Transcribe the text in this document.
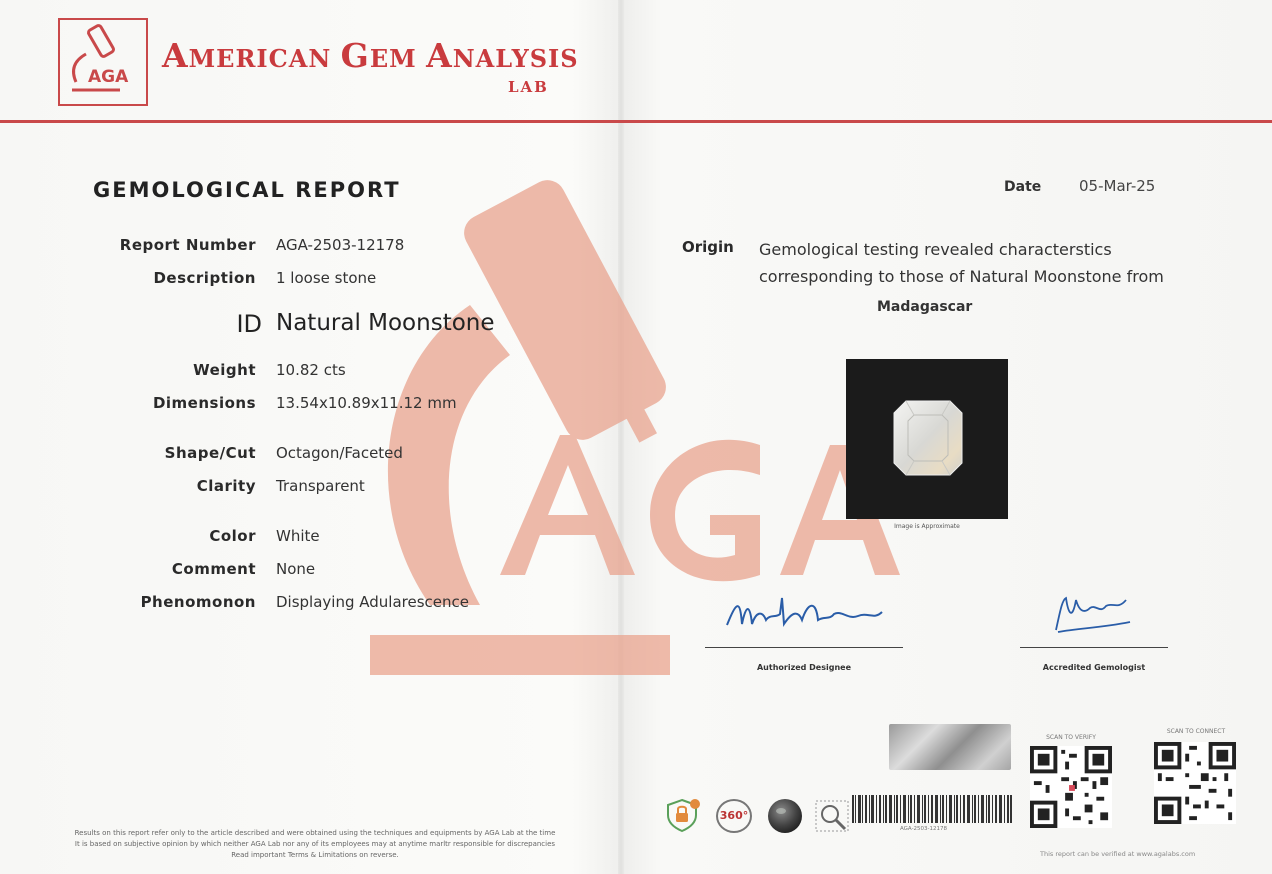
AGA
AMERICAN GEM ANALYSIS
LAB
GEMOLOGICAL REPORT
Report Number AGA-2503-12178
Description 1 loose stone
ID Natural Moonstone
Weight 10.82 cts
Dimensions 13.54x10.89x11.12 mm
Shape/Cut Octagon/Faceted
Clarity Transparent
Color White
Comment None
Phenomonon Displaying Adularescence
Date	05-Mar-25
Origin Gemological testing revealed characterstics corresponding to those of Natural Moonstone from
Madagascar
Image is Approximate
Authorized Designee	Accredited Gemologist
SCAN TO VERIFY
SCAN TO CONNECT
360°
AGA-2503-12178
Results on this report refer only to the article described and were obtained using the techniques and equipments by AGA Lab at the time
It is based on subjective opinion by which neither AGA Lab nor any of its employees may at anytime marltr responsible for discrepancies
Read important Terms & Limitations on reverse.	This report can be verified at www.agalabs.com
